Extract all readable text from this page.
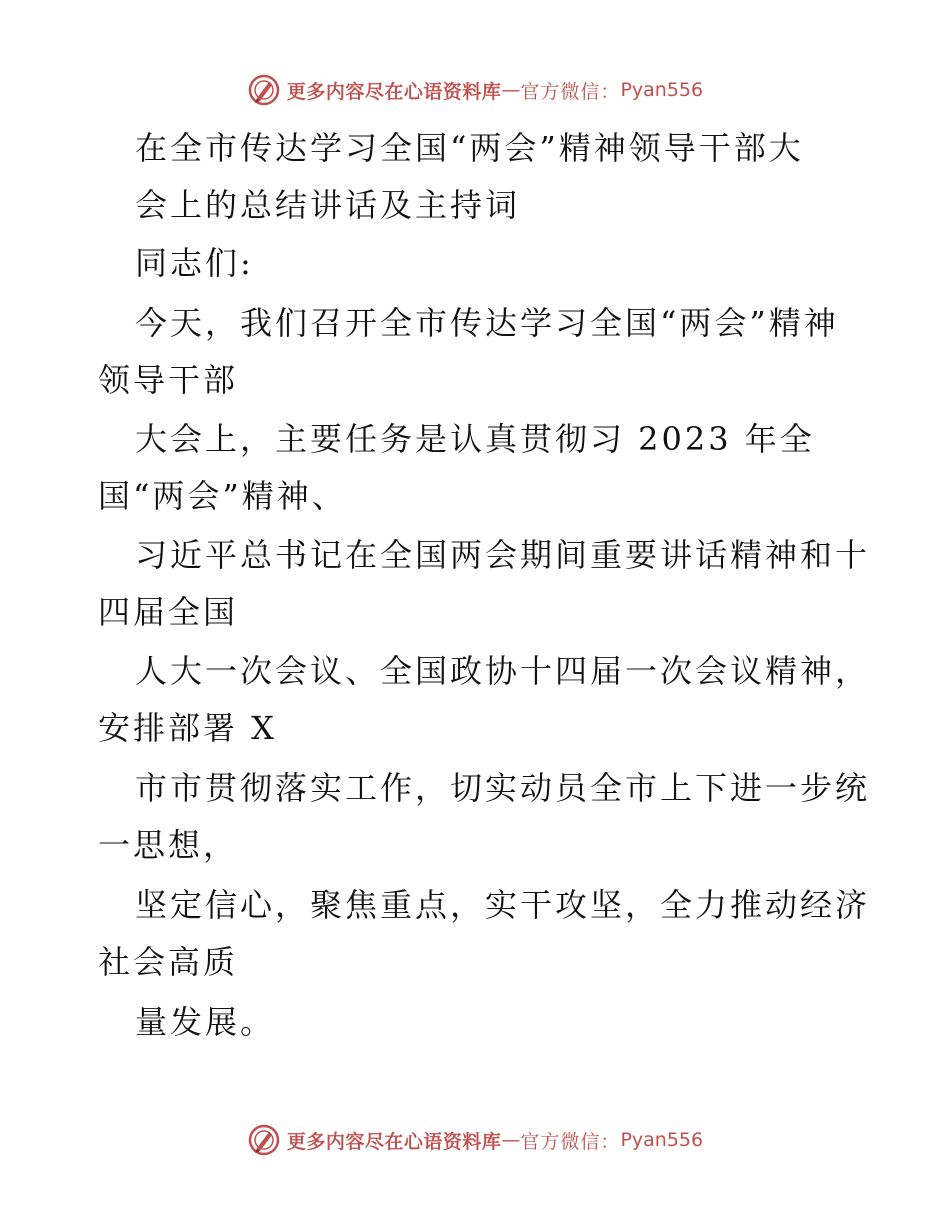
更多内容尽在心语资料库 — 官方微信： Pyan556
在全市传达学习全国“两会”精神领导干部大
会上的总结讲话及主持词
同志们:
今天，我们召开全市传达学习全国“两会”精神
领导干部
大会上，主要任务是认真贯彻习 2023 年全
国“两会”精神、
习近平总书记在全国两会期间重要讲话精神和十
四届全国
人大一次会议、全国政协十四届一次会议精神，
安排部署 X
市市贯彻落实工作，切实动员全市上下进一步统
一思想，
坚定信心，聚焦重点，实干攻坚，全力推动经济
社会高质
量发展。
更多内容尽在心语资料库 — 官方微信： Pyan556
